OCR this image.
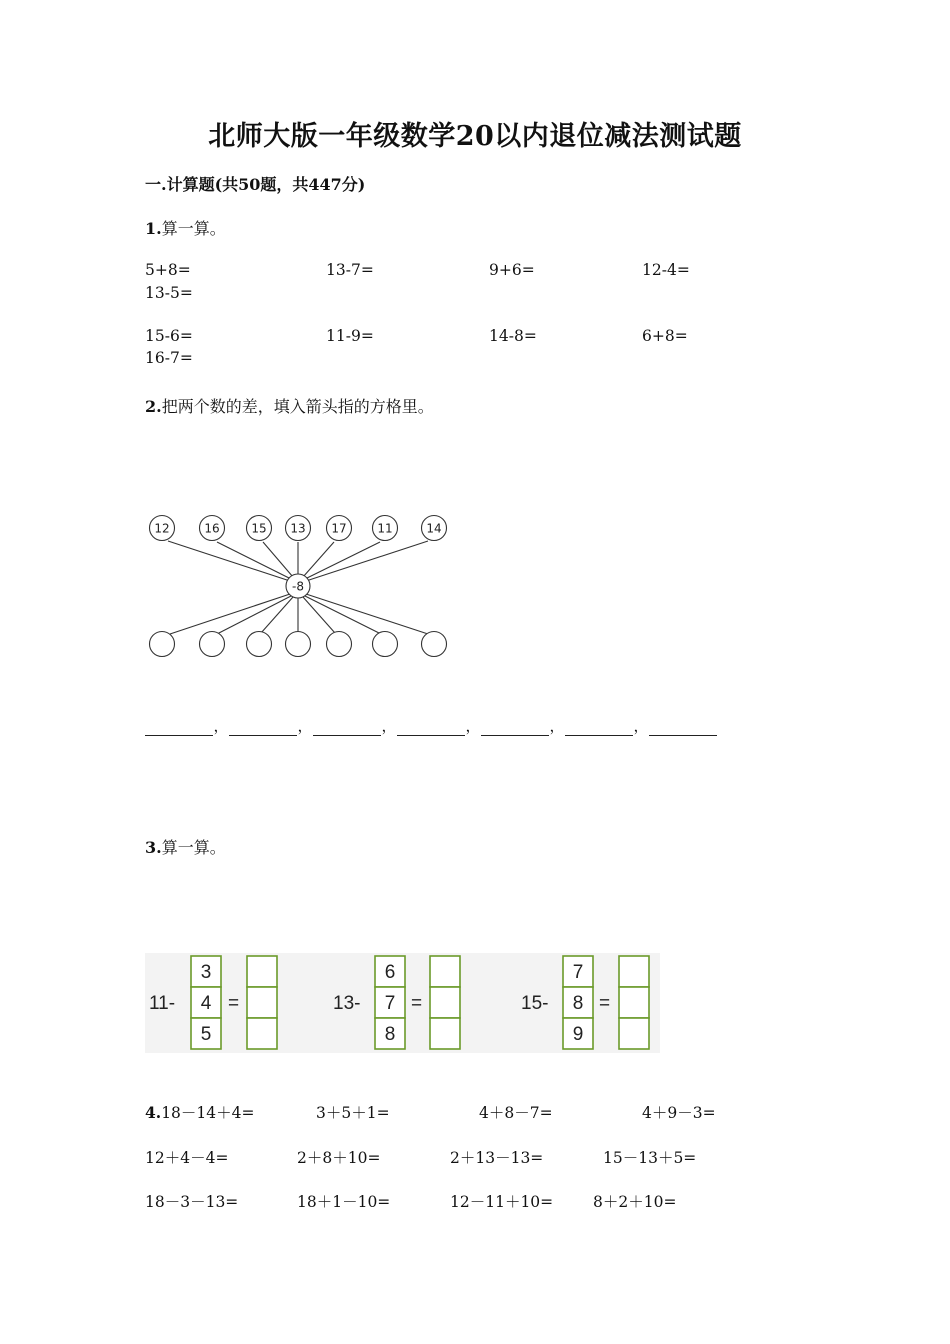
北师大版一年级数学20以内退位减法测试题
一.计算题(共50题，共447分)
1.算一算。
5+8=	13-7=	9+6=	12-4=
13-5=
15-6=	11-9=	14-8=	6+8=
16-7=
2.把两个数的差，填入箭头指的方格里。
12	16	15 13 17	11	14
-8
，	，	，	，	，	，
3.算一算。
11-
3
4
5
=	13-
6
7
8
=	15-
7
8
9
=
4.18－14＋4=	3＋5＋1=	4＋8－7=	4＋9－3=
12＋4－4=	2＋8＋10=	2＋13－13=	15－13＋5=
18－3－13=	18＋1－10=	12－11＋10=	8＋2＋10=
